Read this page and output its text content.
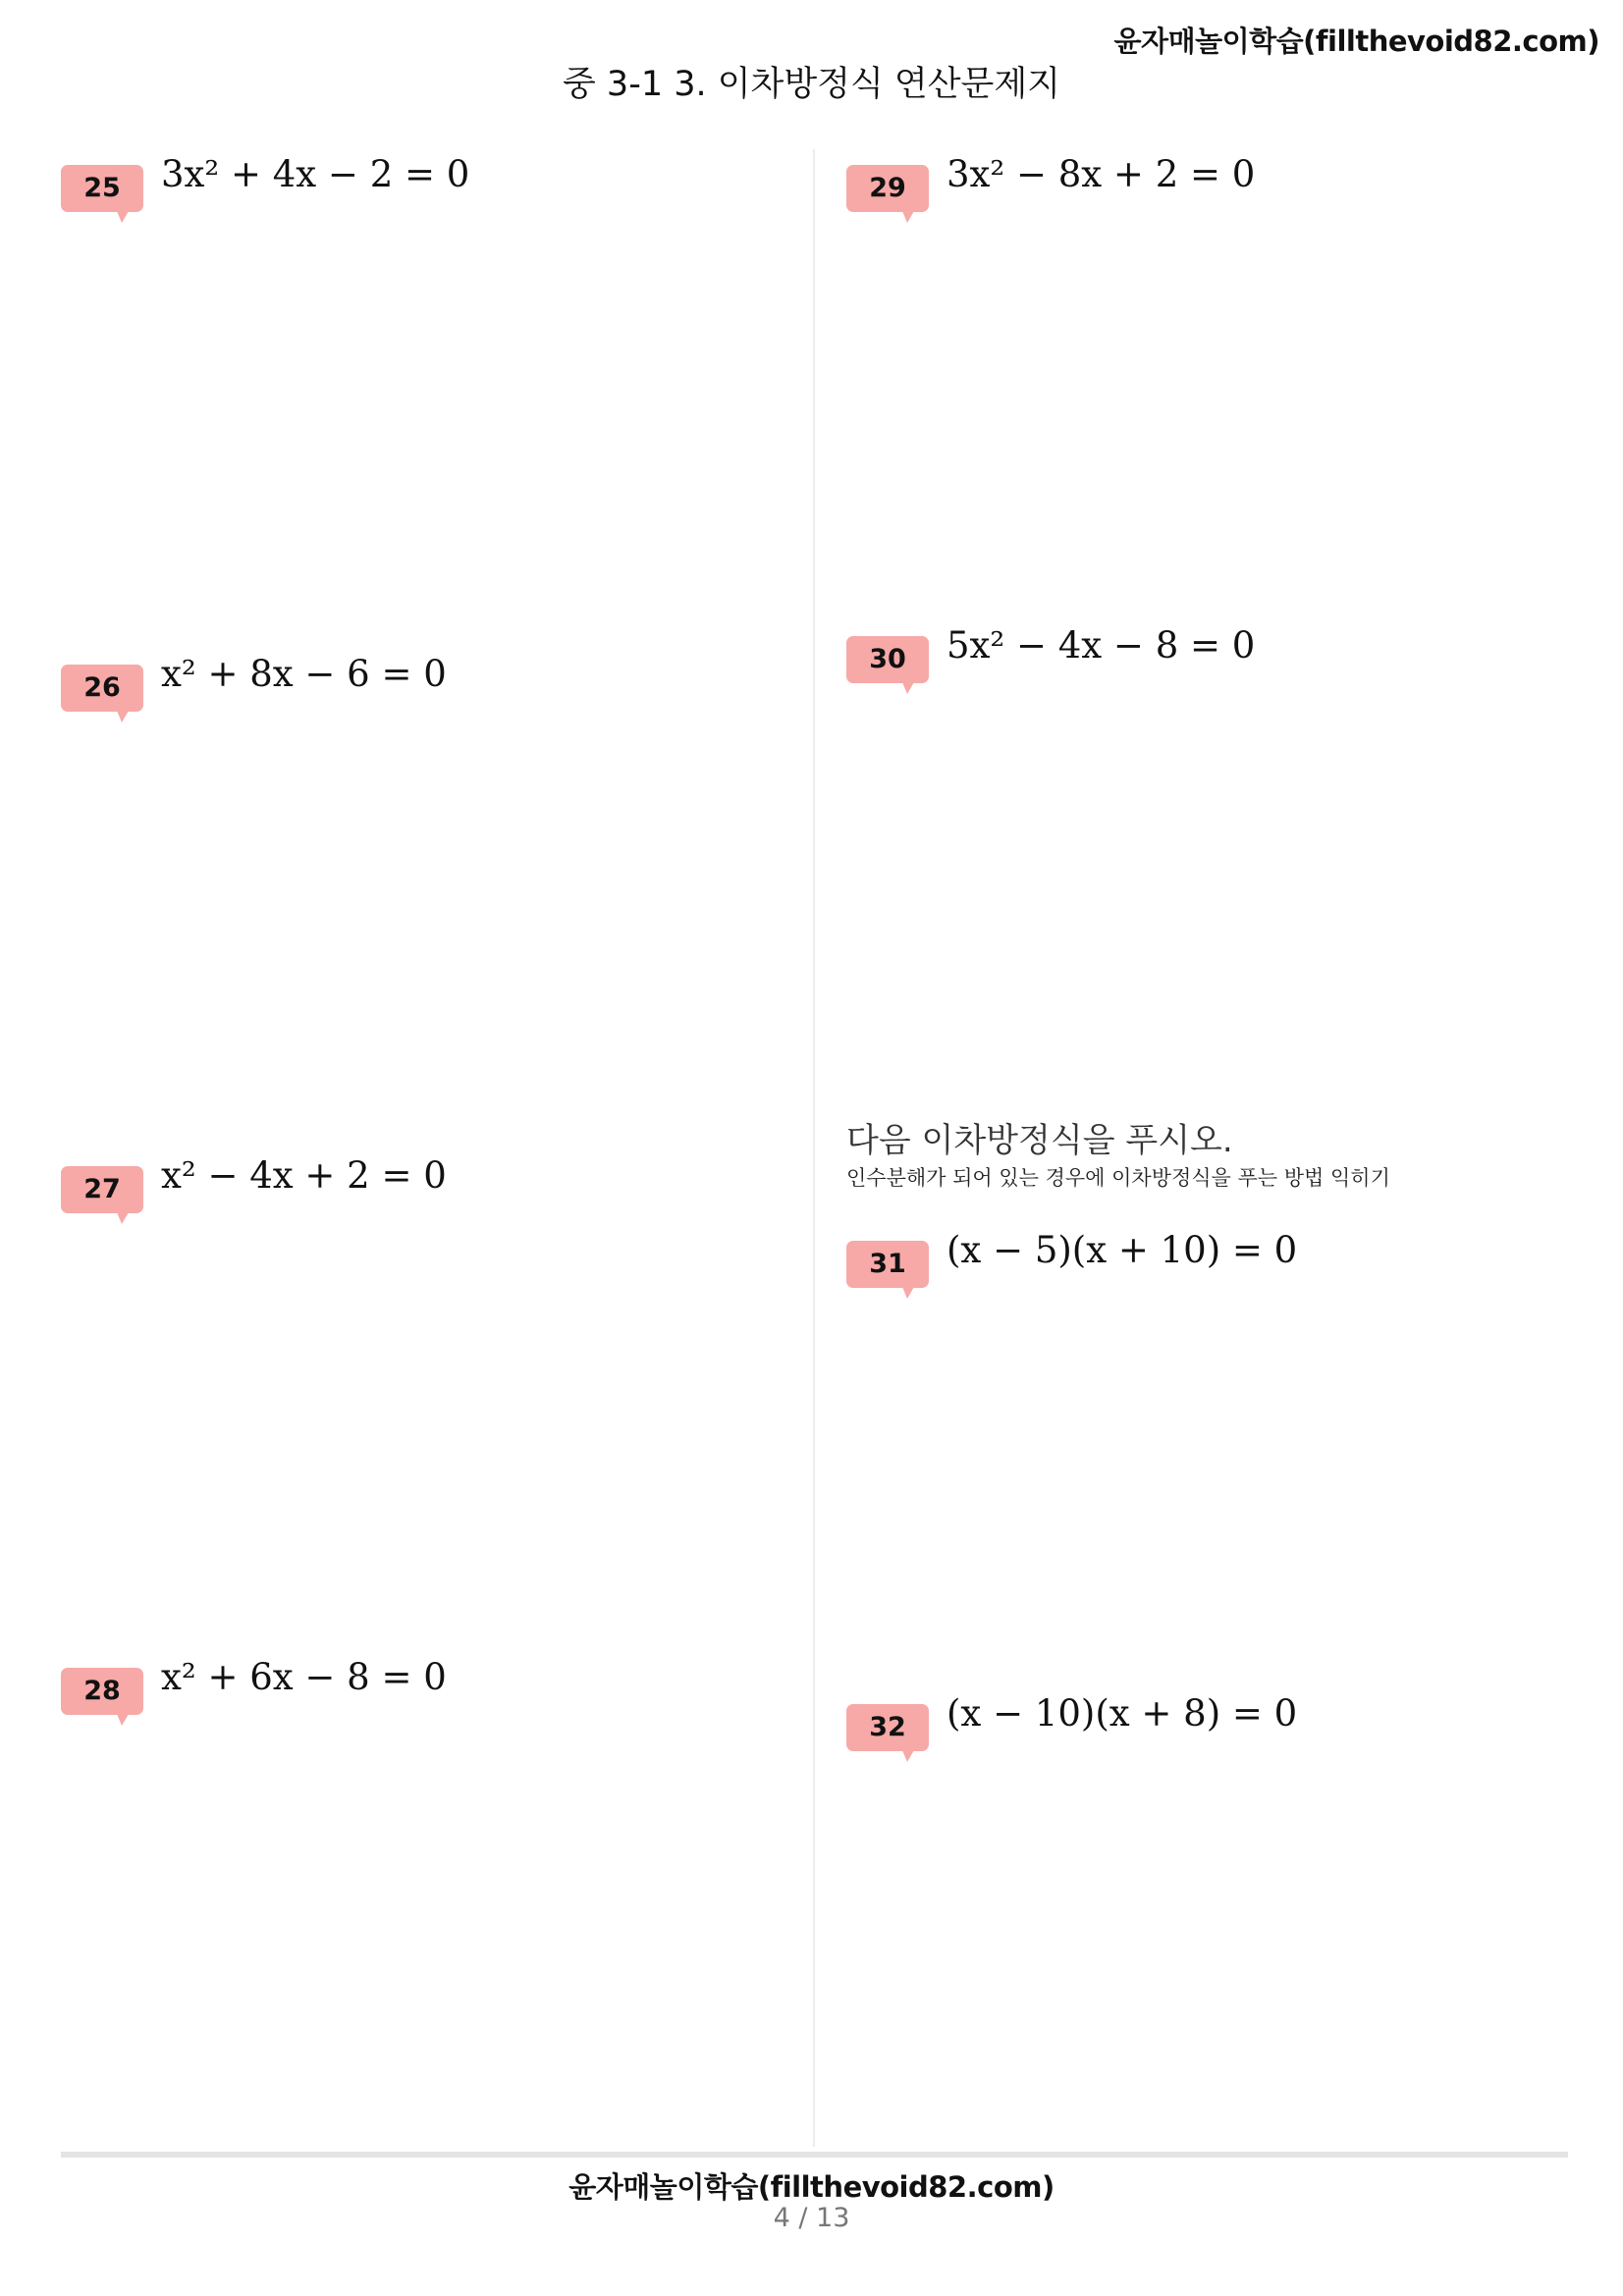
윤자매놀이학습(fillthevoid82.com)
중 3-1 3. 이차방정식 연산문제지
25	3x² + 4x − 2 = 0
26	x² + 8x − 6 = 0
27	x² − 4x + 2 = 0
28	x² + 6x − 8 = 0
29	3x² − 8x + 2 = 0
30	5x² − 4x − 8 = 0
다음 이차방정식을 푸시오.
인수분해가 되어 있는 경우에 이차방정식을 푸는 방법 익히기
31	(x − 5)(x + 10) = 0
32	(x − 10)(x + 8) = 0
윤자매놀이학습(fillthevoid82.com)
4 / 13
